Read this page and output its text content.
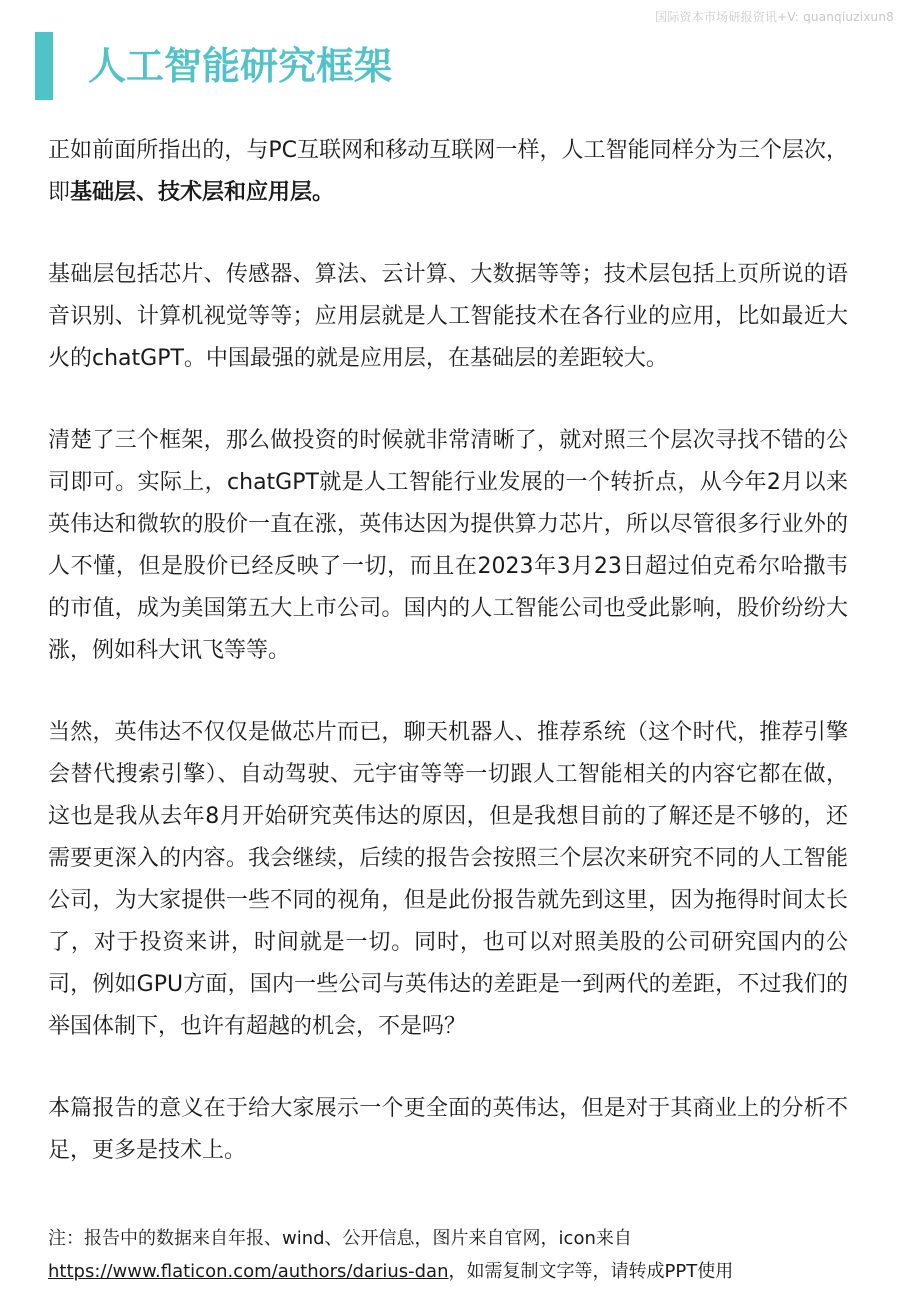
国际资本市场研报资讯+V: quanqiuzixun8
人工智能研究框架

正如前面所指出的，与PC互联网和移动互联网一样，人工智能同样分为三个层次，即基础层、技术层和应用层。

基础层包括芯片、传感器、算法、云计算、大数据等等；技术层包括上页所说的语音识别、计算机视觉等等；应用层就是人工智能技术在各行业的应用，比如最近大火的chatGPT。中国最强的就是应用层，在基础层的差距较大。

清楚了三个框架，那么做投资的时候就非常清晰了，就对照三个层次寻找不错的公司即可。实际上，chatGPT就是人工智能行业发展的一个转折点，从今年2月以来英伟达和微软的股价一直在涨，英伟达因为提供算力芯片，所以尽管很多行业外的人不懂，但是股价已经反映了一切，而且在2023年3月23日超过伯克希尔哈撒韦的市值，成为美国第五大上市公司。国内的人工智能公司也受此影响，股价纷纷大涨，例如科大讯飞等等。

当然，英伟达不仅仅是做芯片而已，聊天机器人、推荐系统（这个时代，推荐引擎会替代搜索引擎）、自动驾驶、元宇宙等等一切跟人工智能相关的内容它都在做，这也是我从去年8月开始研究英伟达的原因，但是我想目前的了解还是不够的，还需要更深入的内容。我会继续，后续的报告会按照三个层次来研究不同的人工智能公司，为大家提供一些不同的视角，但是此份报告就先到这里，因为拖得时间太长了，对于投资来讲，时间就是一切。同时，也可以对照美股的公司研究国内的公司，例如GPU方面，国内一些公司与英伟达的差距是一到两代的差距，不过我们的举国体制下，也许有超越的机会，不是吗？

本篇报告的意义在于给大家展示一个更全面的英伟达，但是对于其商业上的分析不足，更多是技术上。

注：报告中的数据来自年报、wind、公开信息，图片来自官网，icon来自
https://www.flaticon.com/authors/darius-dan，如需复制文字等，请转成PPT使用
